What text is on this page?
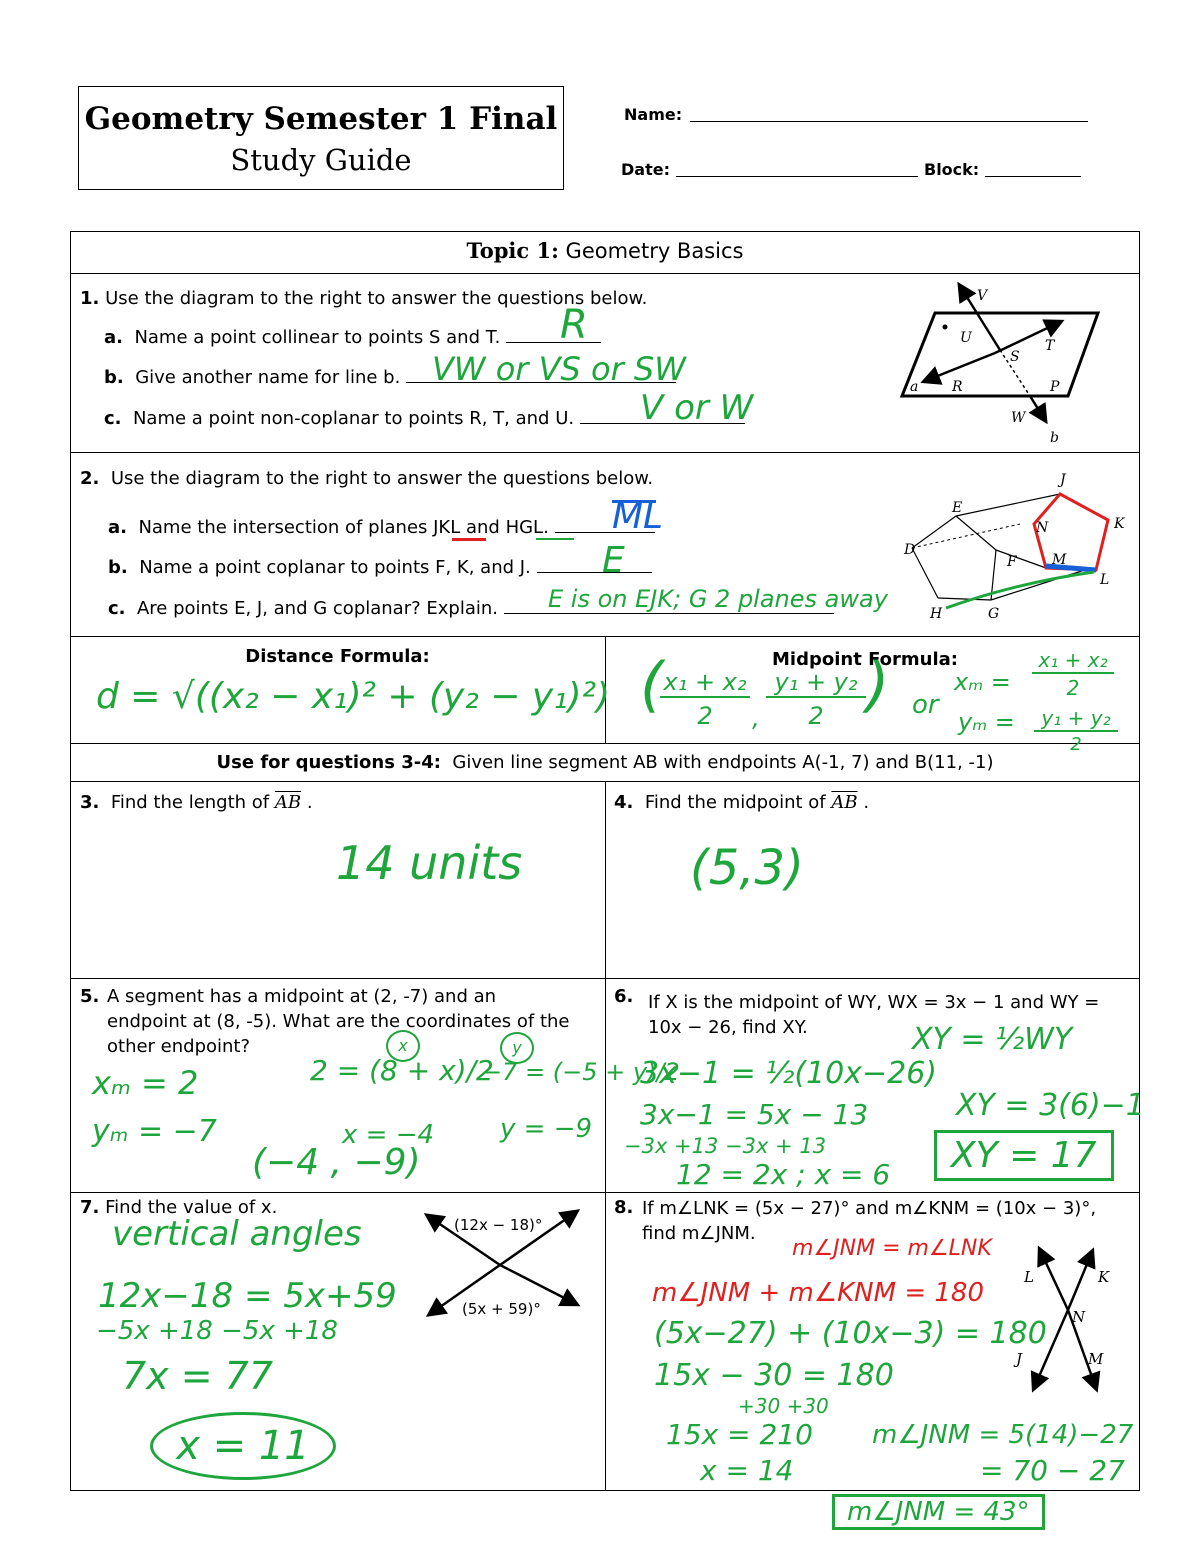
Geometry Semester 1 Final
Study Guide
Name:
Date:	Block:
Topic 1: Geometry Basics
1. Use the diagram to the right to answer the questions below.
a. Name a point collinear to points S and T.	R
b. Give another name for line b. VW or VS or SW
c. Name a point non-coplanar to points R, T, and U.	V or W
V
U	T
S
a R	P
W
b
2. Use the diagram to the right to answer the questions below.
a. Name the intersection of planes JKL and HGL.	ML
b. Name a point coplanar to points F, K, and J.	E
c. Are points E, J, and G coplanar? Explain.	E is on EJK; G 2 planes away
J
E
N	K
D
F	M
L
H	G
Distance Formula:
d = √((x₂ − x₁)² + (y₂ − y₁)²)
Midpoint Formula:
( x₁ + x₂
2	,
y₁ + y₂
2 ) or
xₘ =
x₁ + x₂
2
yₘ =	y₁ + y₂
2
Use for questions 3-4: Given line segment AB with endpoints A(-1, 7) and B(11, -1)
3. Find the length of $\overline{AB}$ .
14 units
4. Find the midpoint of $\overline{AB}$ .
(5,3)
5. A segment has a midpoint at (2, -7) and an endpoint at (8, -5). What are the coordinates of the other endpoint?
xₘ = 2
yₘ = −7
2 = (8 + x)/2
−7 = (−5 + y)/2
x = −4	y = −9
(−4 , −9)
x	y
6. If X is the midpoint of WY, WX = 3x − 1 and WY = 10x − 26, find XY.	XY = ½WY
3x−1 = ½(10x−26)
3x−1 = 5x − 13
−3x +13 −3x + 13
12 = 2x ; x = 6
XY = 3(6)−1
XY = 17
7. Find the value of x.
(12x − 18)°
(5x + 59)°
vertical angles
12x−18 = 5x+59
−5x +18 −5x +18
7x = 77
x = 11
8. If m∠LNK = (5x − 27)° and m∠KNM = (10x − 3)°, find m∠JNM.
L	K
N
J	M
m∠JNM = m∠LNK
m∠JNM + m∠KNM = 180
(5x−27) + (10x−3) = 180
15x − 30 = 180
+30 +30
15x = 210
x = 14
m∠JNM = 5(14)−27
= 70 − 27
m∠JNM = 43°
